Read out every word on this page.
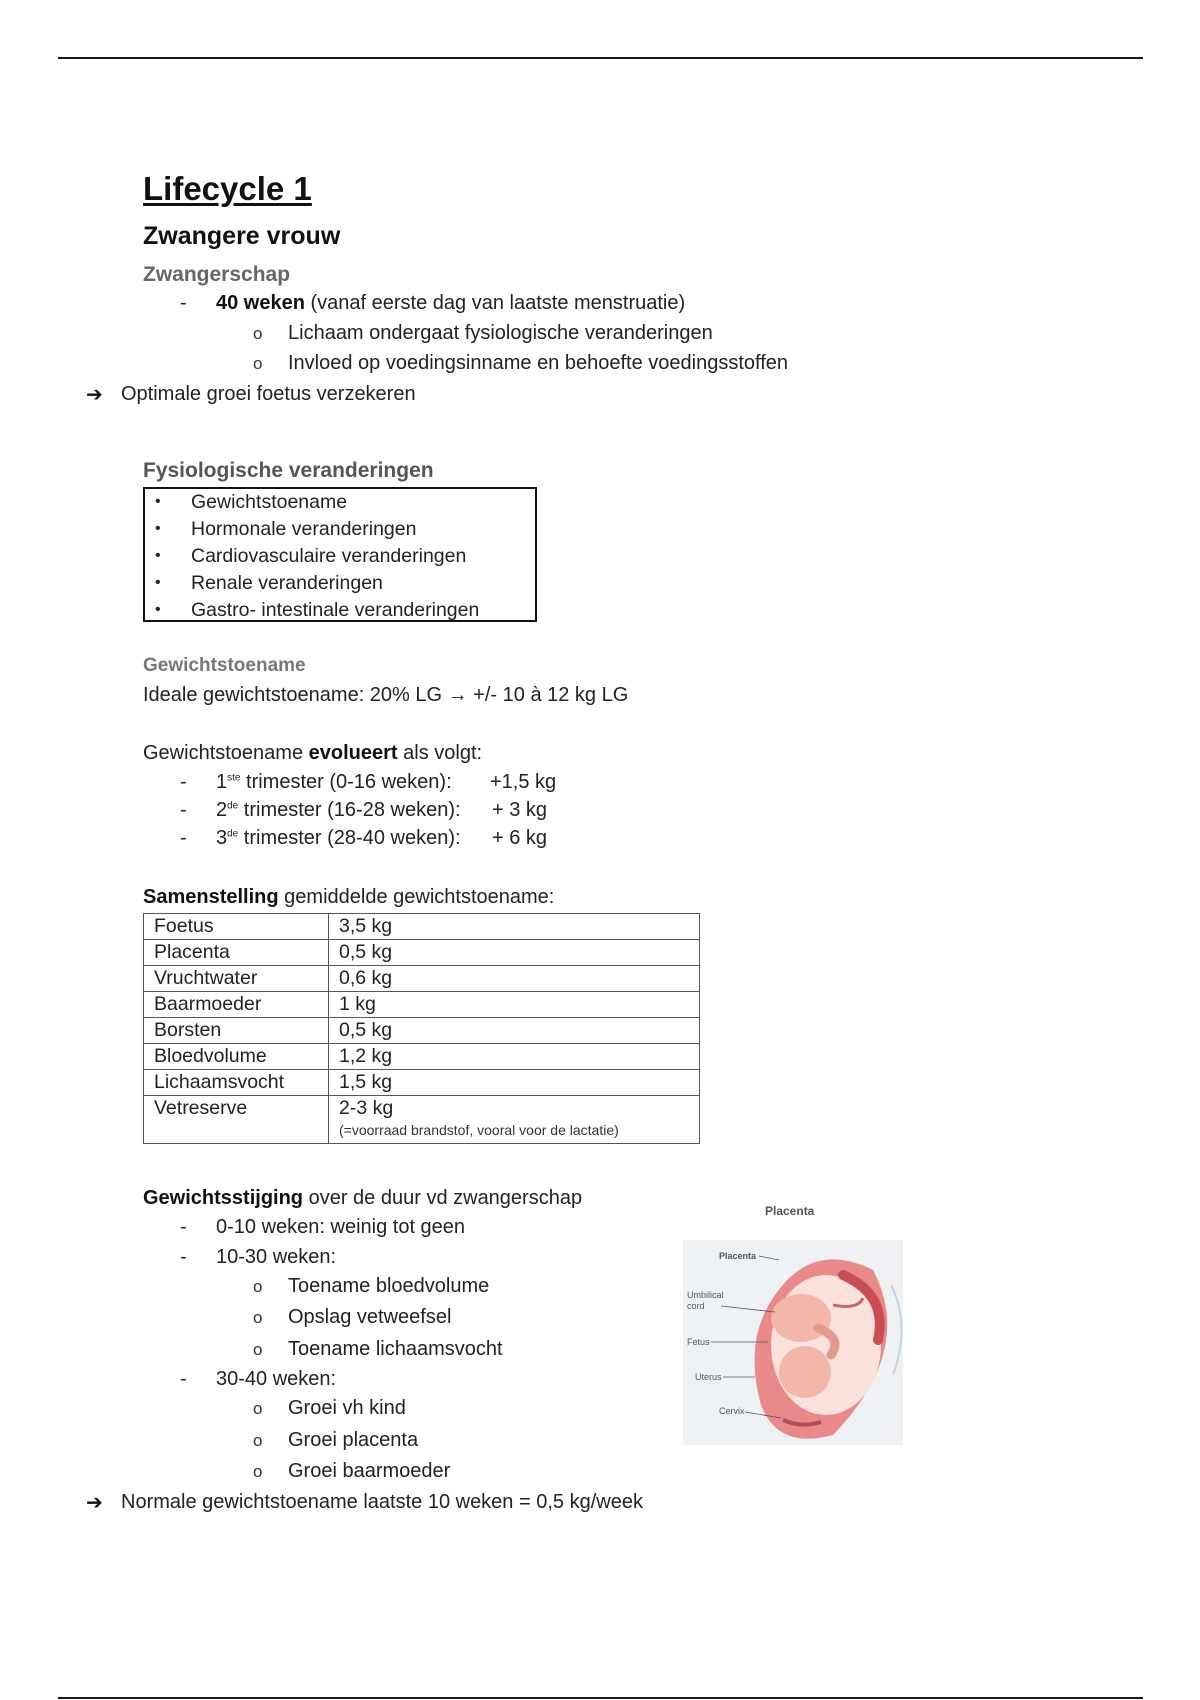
Lifecycle 1
Zwangere vrouw
Zwangerschap
- 40 weken (vanaf eerste dag van laatste menstruatie)
o Lichaam ondergaat fysiologische veranderingen
o Invloed op voedingsinname en behoefte voedingsstoffen
➔ Optimale groei foetus verzekeren
Fysiologische veranderingen
• Gewichtstoename
• Hormonale veranderingen
• Cardiovasculaire veranderingen
• Renale veranderingen
• Gastro- intestinale veranderingen
Gewichtstoename
Ideale gewichtstoename: 20% LG → +/- 10 à 12 kg LG
Gewichtstoename evolueert als volgt:
- 1ste trimester (0-16 weken): +1,5 kg
- 2de trimester (16-28 weken): + 3 kg
- 3de trimester (28-40 weken): + 6 kg
Samenstelling gemiddelde gewichtstoename:
Foetus	3,5 kg
Placenta	0,5 kg
Vruchtwater	0,6 kg
Baarmoeder	1 kg
Borsten	0,5 kg
Bloedvolume	1,2 kg
Lichaamsvocht	1,5 kg
Vetreserve	2-3 kg
(=voorraad brandstof, vooral voor de lactatie)
Gewichtsstijging over de duur vd zwangerschap
- 0-10 weken: weinig tot geen
- 10-30 weken:
o Toename bloedvolume
o Opslag vetweefsel
o Toename lichaamsvocht
- 30-40 weken:
o Groei vh kind
o Groei placenta
o Groei baarmoeder
➔ Normale gewichtstoename laatste 10 weken = 0,5 kg/week
Placenta
Placenta
Umbilical
cord
Fetus
Uterus
Cervix
